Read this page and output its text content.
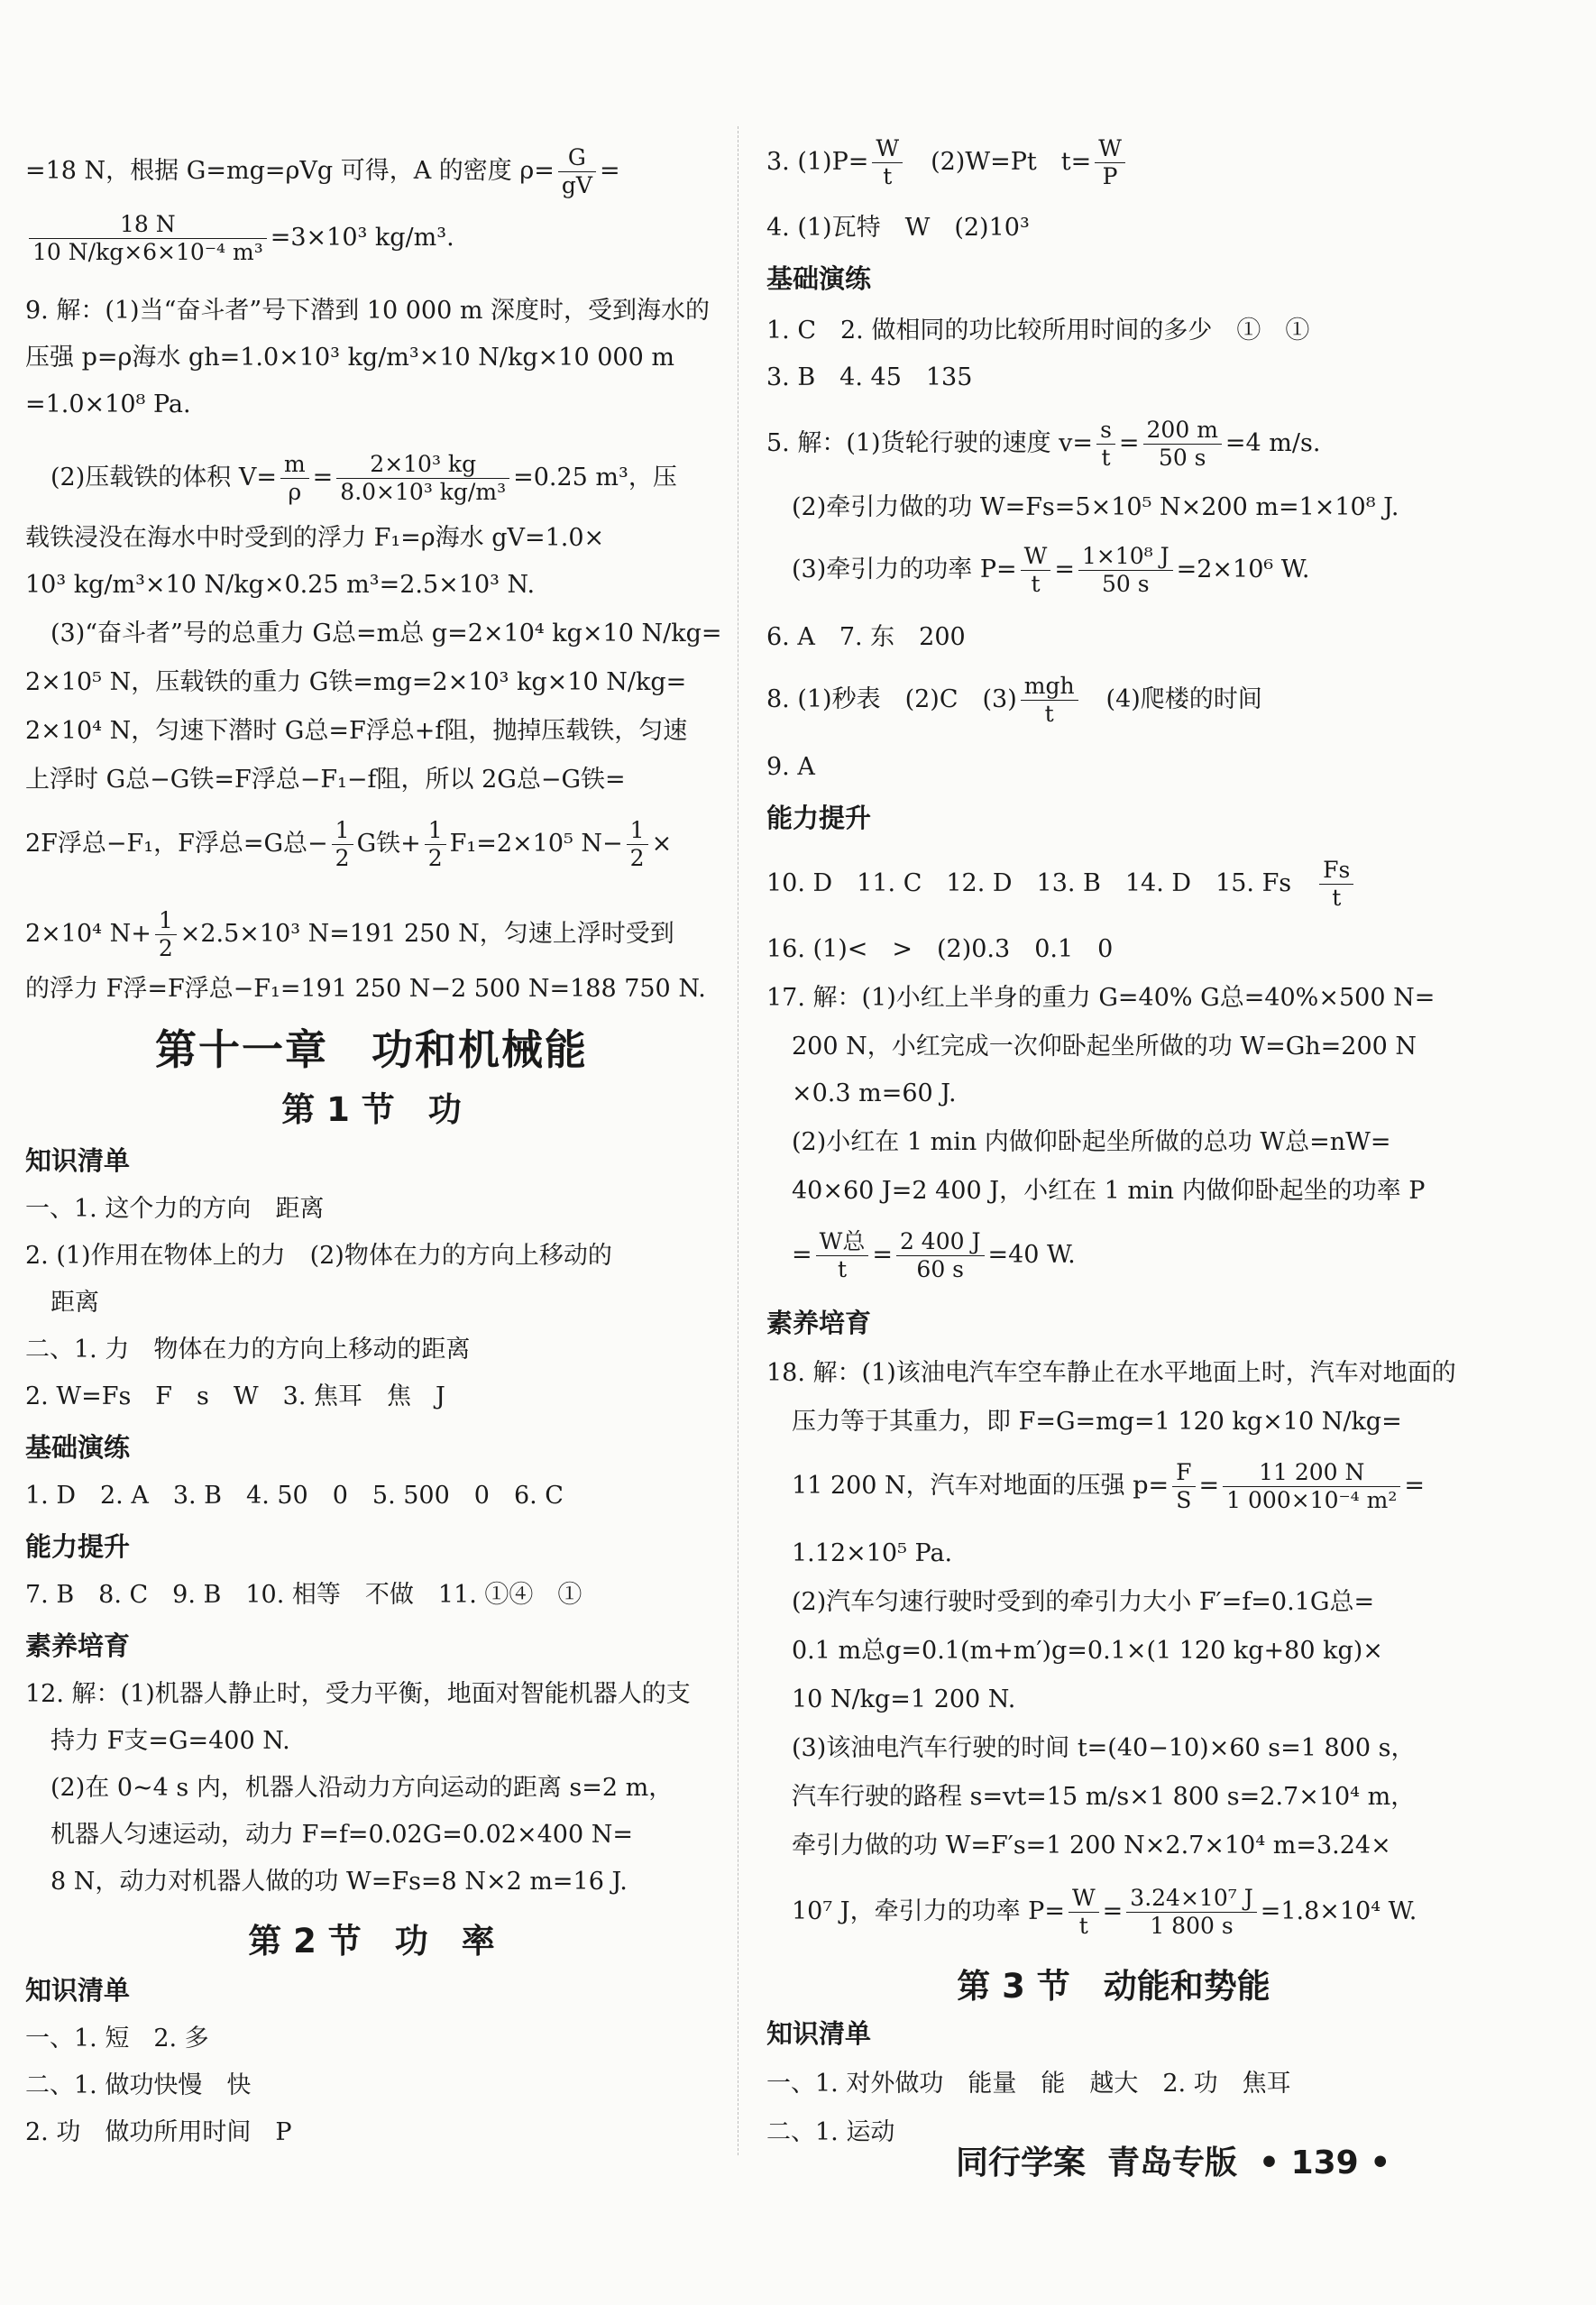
=18 N，根据 G=mg=ρVg 可得，A 的密度 $\rho= \frac{G}{gV}$ =
$\frac{18 N}{\text{10 N/kg×6×10⁻⁴ m³}} =3\times 10^3$ kg/m³.
9. 解：(1)当“奋斗者”号下潜到 10 000 m 深度时，受到海水的
压强 p=ρ海水 gh=1.0×10³ kg/m³×10 N/kg×10 000 m
=1.0×10⁸ Pa.
(2)压载铁的体积 $V= \frac{m}{\rho} = \frac{\text{2×10³ kg}}{\text{8.0×10³ kg/m³}} =0.25$ m³，压
载铁浸没在海水中时受到的浮力 F₁=ρ海水 gV=1.0×
10³ kg/m³×10 N/kg×0.25 m³=2.5×10³ N.
(3)“奋斗者”号的总重力 G总=m总 g=2×10⁴ kg×10 N/kg=
2×10⁵ N，压载铁的重力 G铁=mg=2×10³ kg×10 N/kg=
2×10⁴ N，匀速下潜时 G总=F浮总+f阻，抛掉压载铁，匀速
上浮时 G总−G铁=F浮总−F₁−f阻，所以 2G总−G铁=
2F浮总−F₁，F浮总=G总− $\frac{1}{2}$ G铁+ $\frac{1}{2} F_1=2\times 10^5$ $N- \frac{1}{2}$ ×
2×10⁴ $N+ \frac{1}{2} \times 2.5\times 10^3$ N=191 250 N，匀速上浮时受到
的浮力 F浮=F浮总−F₁=191 250 N−2 500 N=188 750 N.
第十一章　功和机械能
第 1 节　功
知识清单
一、1. 这个力的方向　距离
2. (1)作用在物体上的力　(2)物体在力的方向上移动的
距离
二、1. 力　物体在力的方向上移动的距离
2. W=Fs　F　s　W　3. 焦耳　焦　J
基础演练
1. D　2. A　3. B　4. 50　0　5. 500　0　6. C
能力提升
7. B　8. C　9. B　10. 相等　不做　11. ①④　①
素养培育
12. 解：(1)机器人静止时，受力平衡，地面对智能机器人的支
持力 F支=G=400 N.
(2)在 0~4 s 内，机器人沿动力方向运动的距离 s=2 m，
机器人匀速运动，动力 F=f=0.02G=0.02×400 N=
8 N，动力对机器人做的功 W=Fs=8 N×2 m=16 J.
第 2 节　功　率
知识清单
一、1. 短　2. 多
二、1. 做功快慢　快
2. 功　做功所用时间　P
3. $(1)P= \frac{W}{t}$ 　(2)W=Pt　$t= \frac{W}{P}$
4. (1)瓦特　W　(2)10³
基础演练
1. C　2. 做相同的功比较所用时间的多少　①　①
3. B　4. 45　135
5. 解：(1)货轮行驶的速度 $v= \frac{s}{t} = \frac{200 m}{50 s} =4$ m/s.
(2)牵引力做的功 W=Fs=5×10⁵ N×200 m=1×10⁸ J.
(3)牵引力的功率 $P= \frac{W}{t} = \frac{\text{1×10⁸ J}}{50 s} =2\times 10^6$ W.
6. A　7. 东　200
8. (1)秒表　(2)C　$(3) \frac{\text{mgh}}{t}$ 　(4)爬楼的时间
9. A
能力提升
10. D　11. C　12. D　13. B　14. D　15. Fs　 $\frac{Fs}{t}$
16. (1)<　>　(2)0.3　0.1　0
17. 解：(1)小红上半身的重力 G=40% G总=40%×500 N=
200 N，小红完成一次仰卧起坐所做的功 W=Gh=200 N
×0.3 m=60 J.
(2)小红在 1 min 内做仰卧起坐所做的总功 W总=nW=
40×60 J=2 400 J，小红在 1 min 内做仰卧起坐的功率 P
= $\frac{\text{W总}}{t} = \frac{2 400 J}{60 s} =40$ W.
素养培育
18. 解：(1)该油电汽车空车静止在水平地面上时，汽车对地面的
压力等于其重力，即 F=G=mg=1 120 kg×10 N/kg=
11 200 N，汽车对地面的压强 $p= \frac{F}{S} = \frac{11 200 N}{\text{1 000×10⁻⁴ m²}}$ =
1.12×10⁵ Pa.
(2)汽车匀速行驶时受到的牵引力大小 F′=f=0.1G总=
0.1 m总g=0.1(m+m′)g=0.1×(1 120 kg+80 kg)×
10 N/kg=1 200 N.
(3)该油电汽车行驶的时间 t=(40−10)×60 s=1 800 s，
汽车行驶的路程 s=vt=15 m/s×1 800 s=2.7×10⁴ m，
牵引力做的功 W=F′s=1 200 N×2.7×10⁴ m=3.24×
10⁷ J，牵引力的功率 $P= \frac{W}{t} = \frac{\text{3.24×10⁷ J}}{1 800 s} =1.8\times 10^4$ W.
第 3 节　动能和势能
知识清单
一、1. 对外做功　能量　能　越大　2. 功　焦耳
二、1. 运动
同行学案 青岛专版 • 139 •
